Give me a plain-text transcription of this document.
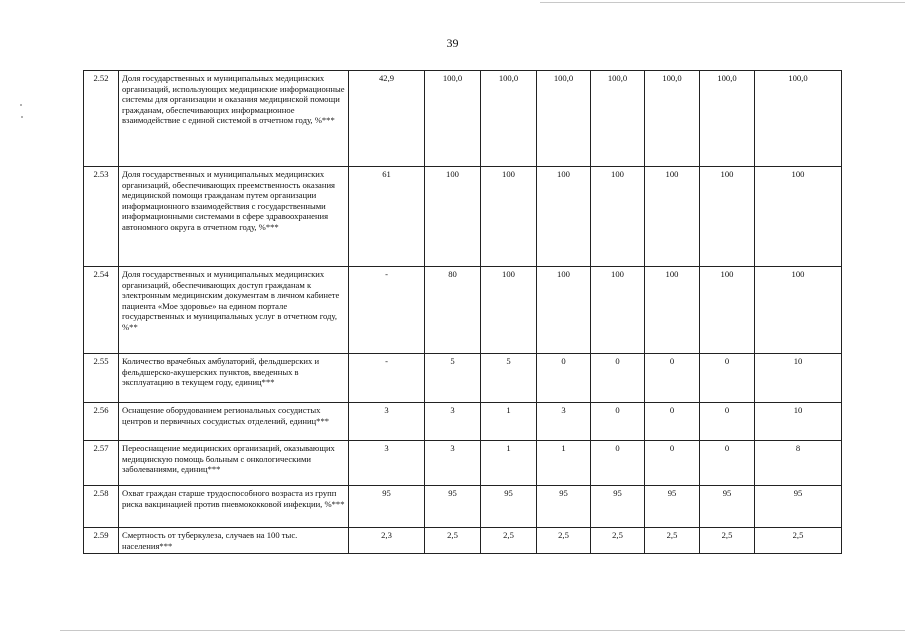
39
2.52	Доля государственных и муниципальных медицинских организаций, использующих медицинские информационные системы для организации и оказания медицинской помощи гражданам, обеспечивающих информационное взаимодействие с единой системой в отчетном году, %***	42,9	100,0	100,0	100,0	100,0	100,0	100,0	100,0
2.53	Доля государственных и муниципальных медицинских организаций, обеспечивающих преемственность оказания медицинской помощи гражданам путем организации информационного взаимодействия с государственными информационными системами в сфере здравоохранения автономного округа в отчетном году, %***	61	100	100	100	100	100	100	100
2.54	Доля государственных и муниципальных медицинских организаций, обеспечивающих доступ гражданам к электронным медицинским документам в личном кабинете пациента «Мое здоровье» на едином портале государственных и муниципальных услуг в отчетном году, %**	-	80	100	100	100	100	100	100
2.55	Количество врачебных амбулаторий, фельдшерских и фельдшерско-акушерских пунктов, введенных в эксплуатацию в текущем году, единиц***	-	5	5	0	0	0	0	10
2.56	Оснащение оборудованием региональных сосудистых центров и первичных сосудистых отделений, единиц***	3	3	1	3	0	0	0	10
2.57	Переоснащение медицинских организаций, оказывающих медицинскую помощь больным с онкологическими заболеваниями, единиц***	3	3	1	1	0	0	0	8
2.58	Охват граждан старше трудоспособного возраста из групп риска вакцинацией против пневмококковой инфекции, %***	95	95	95	95	95	95	95	95
2.59	Смертность от туберкулеза, случаев на 100 тыс. населения***	2,3	2,5	2,5	2,5	2,5	2,5	2,5	2,5
